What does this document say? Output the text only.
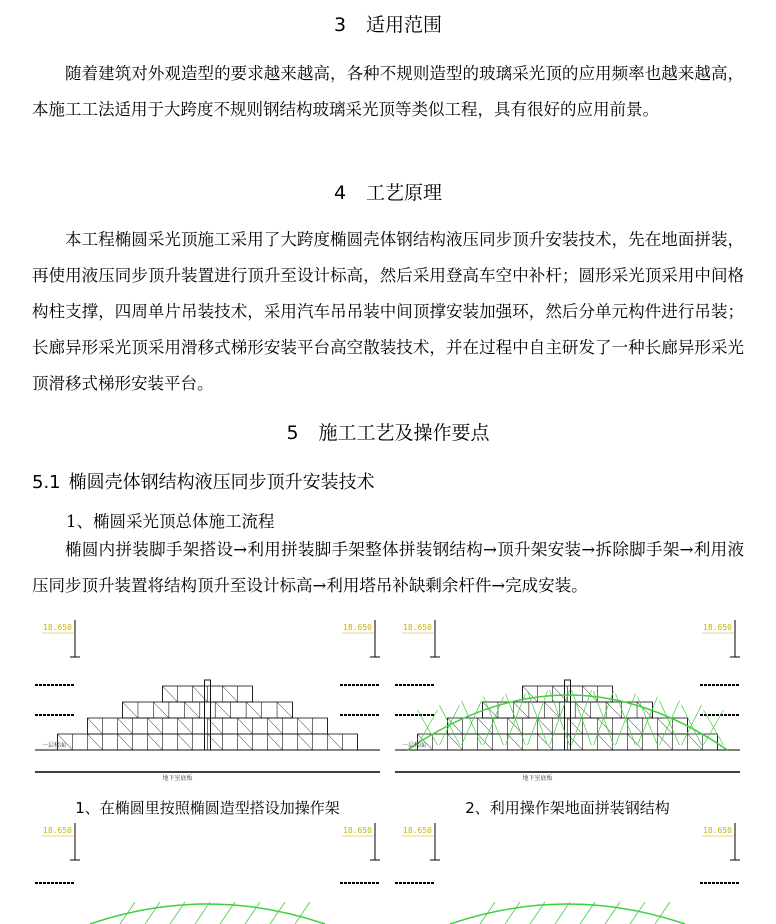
3 适用范围
随着建筑对外观造型的要求越来越高，各种不规则造型的玻璃采光顶的应用频率也越来越高，本施工工法适用于大跨度不规则钢结构玻璃采光顶等类似工程，具有很好的应用前景。
4 工艺原理
本工程椭圆采光顶施工采用了大跨度椭圆壳体钢结构液压同步顶升安装技术，先在地面拼装，再使用液压同步顶升装置进行顶升至设计标高，然后采用登高车空中补杆；圆形采光顶采用中间格构柱支撑，四周单片吊装技术，采用汽车吊吊装中间顶撑安装加强环，然后分单元构件进行吊装；长廊异形采光顶采用滑移式梯形安装平台高空散装技术，并在过程中自主研发了一种长廊异形采光顶滑移式梯形安装平台。
5 施工工艺及操作要点
5.1 椭圆壳体钢结构液压同步顶升安装技术
1、椭圆采光顶总体施工流程
椭圆内拼装脚手架搭设→利用拼装脚手架整体拼装钢结构→顶升架安装→拆除脚手架→利用液压同步顶升装置将结构顶升至设计标高→利用塔吊补缺剩余杆件→完成安装。
18.650	18.650
一层楼面
地下室底板
18.650	18.650
一层楼面
地下室底板
1、在椭圆里按照椭圆造型搭设加操作架	2、利用操作架地面拼装钢结构
18.650	18.650	18.650	18.650
